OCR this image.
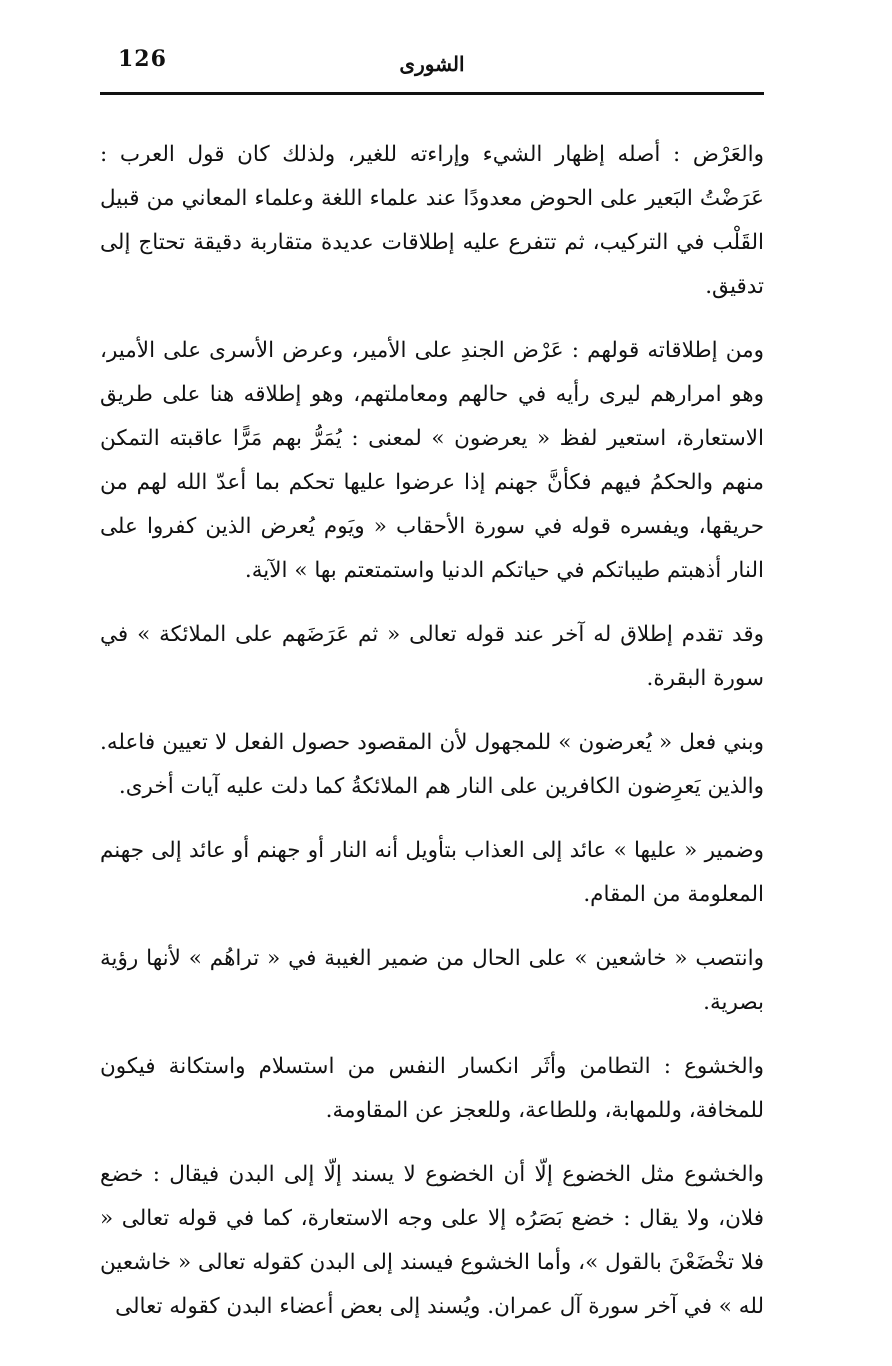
126	الشورى

والعَرْض : أصله إظهار الشيء وإراءته للغير، ولذلك كان قول العرب : عَرَضْتُ البَعير على الحوض معدودًا عند علماء اللغة وعلماء المعاني من قبيل القَلْب في التركيب، ثم تتفرع عليه إطلاقات عديدة متقاربة دقيقة تحتاج إلى تدقيق.

ومن إطلاقاته قولهم : عَرْض الجندِ على الأمير، وعرض الأسرى على الأمير، وهو امرارهم ليرى رأيه في حالهم ومعاملتهم، وهو إطلاقه هنا على طريق الاستعارة، استعير لفظ « يعرضون » لمعنى : يُمَرُّ بهم مَرًّا عاقبته التمكن منهم والحكمُ فيهم فكأنَّ جهنم إذا عرضوا عليها تحكم بما أعدّ الله لهم من حريقها، ويفسره قوله في سورة الأحقاب « ويَوم يُعرض الذين كفروا على النار أذهبتم طيباتكم في حياتكم الدنيا واستمتعتم بها » الآية.

وقد تقدم إطلاق له آخر عند قوله تعالى « ثم عَرَضَهم على الملائكة » في سورة البقرة.

وبني فعل « يُعرضون » للمجهول لأن المقصود حصول الفعل لا تعيين فاعله. والذين يَعرِضون الكافرين على النار هم الملائكةُ كما دلت عليه آيات أخرى.

وضمير « عليها » عائد إلى العذاب بتأويل أنه النار أو جهنم أو عائد إلى جهنم المعلومة من المقام.

وانتصب « خاشعين » على الحال من ضمير الغيبة في « تراهُم » لأنها رؤية بصرية.

والخشوع : التطامن وأثَر انكسار النفس من استسلام واستكانة فيكون للمخافة، وللمهابة، وللطاعة، وللعجز عن المقاومة.

والخشوع مثل الخضوع إلّا أن الخضوع لا يسند إلّا إلى البدن فيقال : خضع فلان، ولا يقال : خضع بَصَرُه إلا على وجه الاستعارة، كما في قوله تعالى « فلا تخْضَعْنَ بالقول »، وأما الخشوع فيسند إلى البدن كقوله تعالى « خاشعين لله » في آخر سورة آل عمران. ويُسند إلى بعض أعضاء البدن كقوله تعالى
